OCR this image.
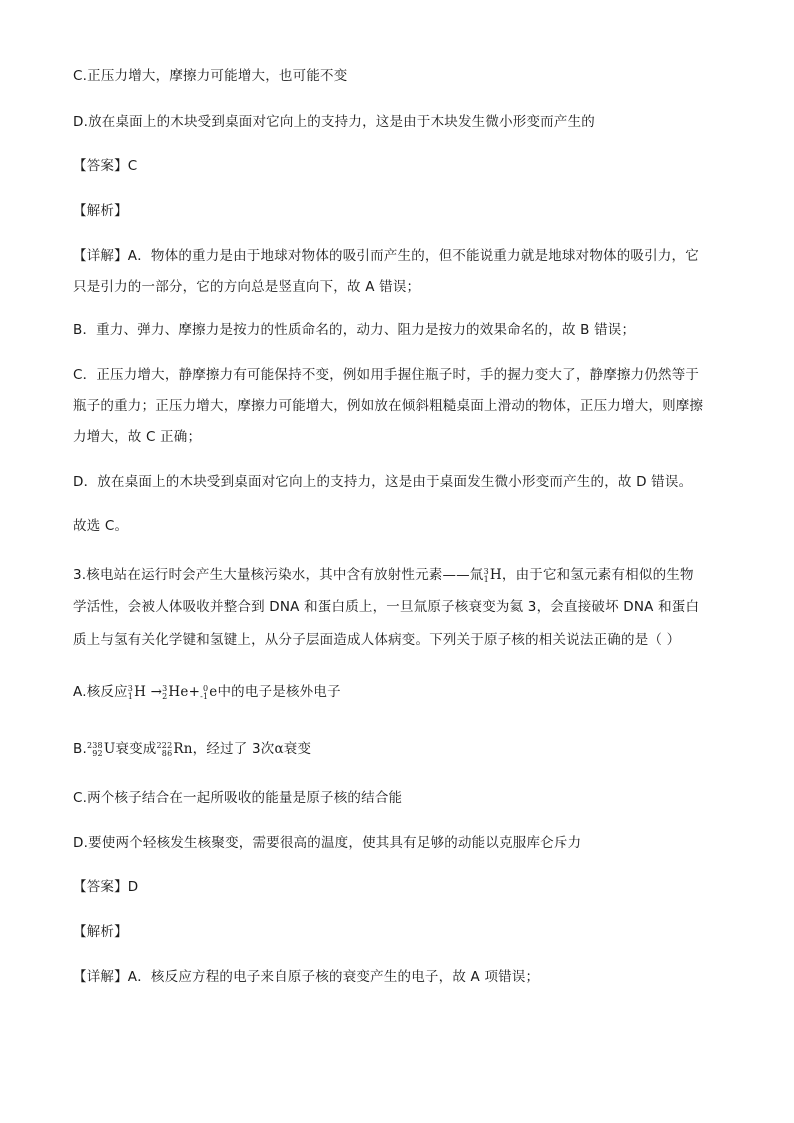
C.正压力增大，摩擦力可能增大，也可能不变
D.放在桌面上的木块受到桌面对它向上的支持力，这是由于木块发生微小形变而产生的
【答案】C
【解析】
【详解】A．物体的重力是由于地球对物体的吸引而产生的，但不能说重力就是地球对物体的吸引力，它
只是引力的一部分，它的方向总是竖直向下，故 A 错误；
B．重力、弹力、摩擦力是按力的性质命名的，动力、阻力是按力的效果命名的，故 B 错误；
C．正压力增大，静摩擦力有可能保持不变，例如用手握住瓶子时，手的握力变大了，静摩擦力仍然等于
瓶子的重力；正压力增大，摩擦力可能增大，例如放在倾斜粗糙桌面上滑动的物体，正压力增大，则摩擦
力增大，故 C 正确；
D．放在桌面上的木块受到桌面对它向上的支持力，这是由于桌面发生微小形变而产生的，故 D 错误。
故选 C。
3.核电站在运行时会产生大量核污染水，其中含有放射性元素——氚 3
1 H，由于它和氢元素有相似的生物
学活性，会被人体吸收并整合到 DNA 和蛋白质上，一旦氚原子核衰变为氦 3，会直接破坏 DNA 和蛋白
质上与氢有关化学键和氢键上，从分子层面造成人体病变。下列关于原子核的相关说法正确的是（ ）
A.核反应 3
1 H → 3
2 He+ 0
-1 e中的电子是核外电子
B. 238
92 U衰变成 222
86 Rn，经过了 3次α衰变
C.两个核子结合在一起所吸收的能量是原子核的结合能
D.要使两个轻核发生核聚变，需要很高的温度，使其具有足够的动能以克服库仑斥力
【答案】D
【解析】
【详解】A．核反应方程的电子来自原子核的衰变产生的电子，故 A 项错误；
